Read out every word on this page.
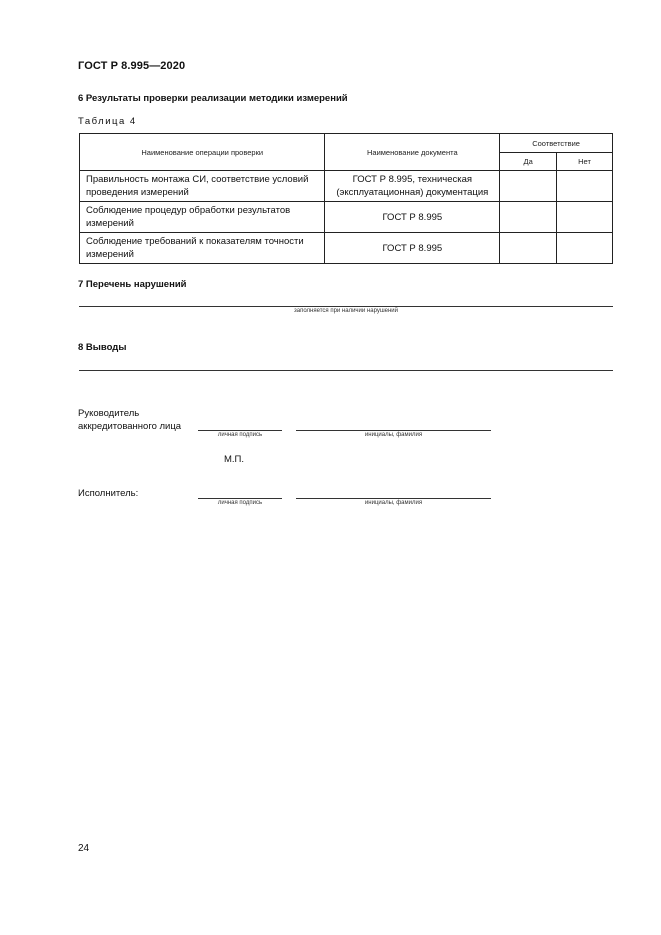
ГОСТ Р 8.995—2020
6 Результаты проверки реализации методики измерений
Таблица 4
Наименование операции проверки	Наименование документа	Соответствие	
		Да	Нет
Правильность монтажа СИ, соответствие условий проведения измерений	ГОСТ Р 8.995, техническая (эксплуатационная) документация		
Соблюдение процедур обработки результатов измерений	ГОСТ Р 8.995		
Соблюдение требований к показателям точности измерений	ГОСТ Р 8.995		
7 Перечень нарушений
заполняется при наличии нарушений
8 Выводы
Руководитель аккредитованного лица
личная подпись	инициалы, фамилия
М.П.
Исполнитель:
личная подпись	инициалы, фамилия
24
